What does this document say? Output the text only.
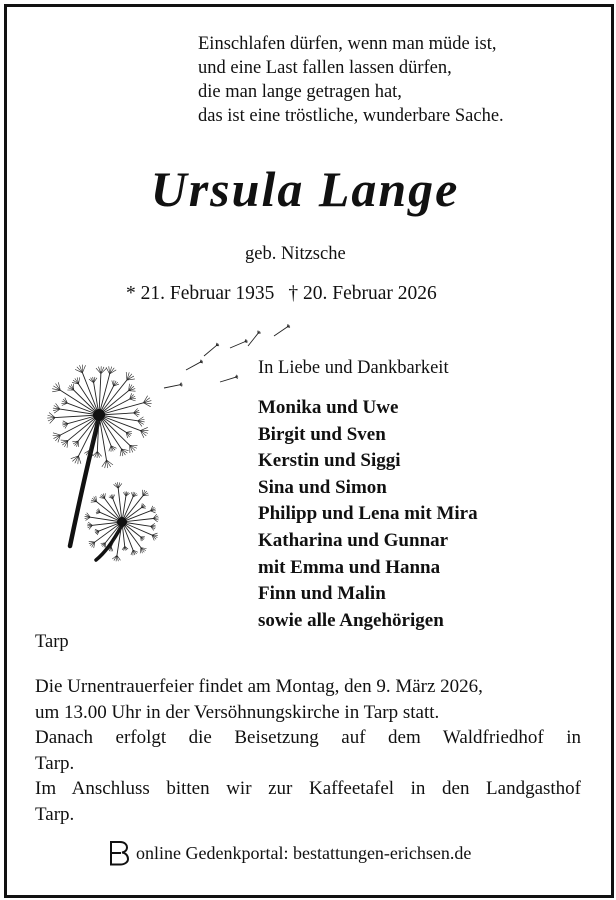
Einschlafen dürfen, wenn man müde ist,
und eine Last fallen lassen dürfen,
die man lange getragen hat,
das ist eine tröstliche, wunderbare Sache.
Ursula Lange
geb. Nitzsche
* 21. Februar 1935 † 20. Februar 2026
In Liebe und Dankbarkeit
Monika und Uwe
Birgit und Sven
Kerstin und Siggi
Sina und Simon
Philipp und Lena mit Mira
Katharina und Gunnar
mit Emma und Hanna
Finn und Malin
sowie alle Angehörigen
Tarp

Die Urnentrauerfeier findet am Montag, den 9. März 2026,

um 13.00 Uhr in der Versöhnungskirche in Tarp statt.

Danach erfolgt die Beisetzung auf dem Waldfriedhof in

Tarp.

Im Anschluss bitten wir zur Kaffeetafel in den Landgasthof

Tarp.

online Gedenkportal: bestattungen-erichsen.de
